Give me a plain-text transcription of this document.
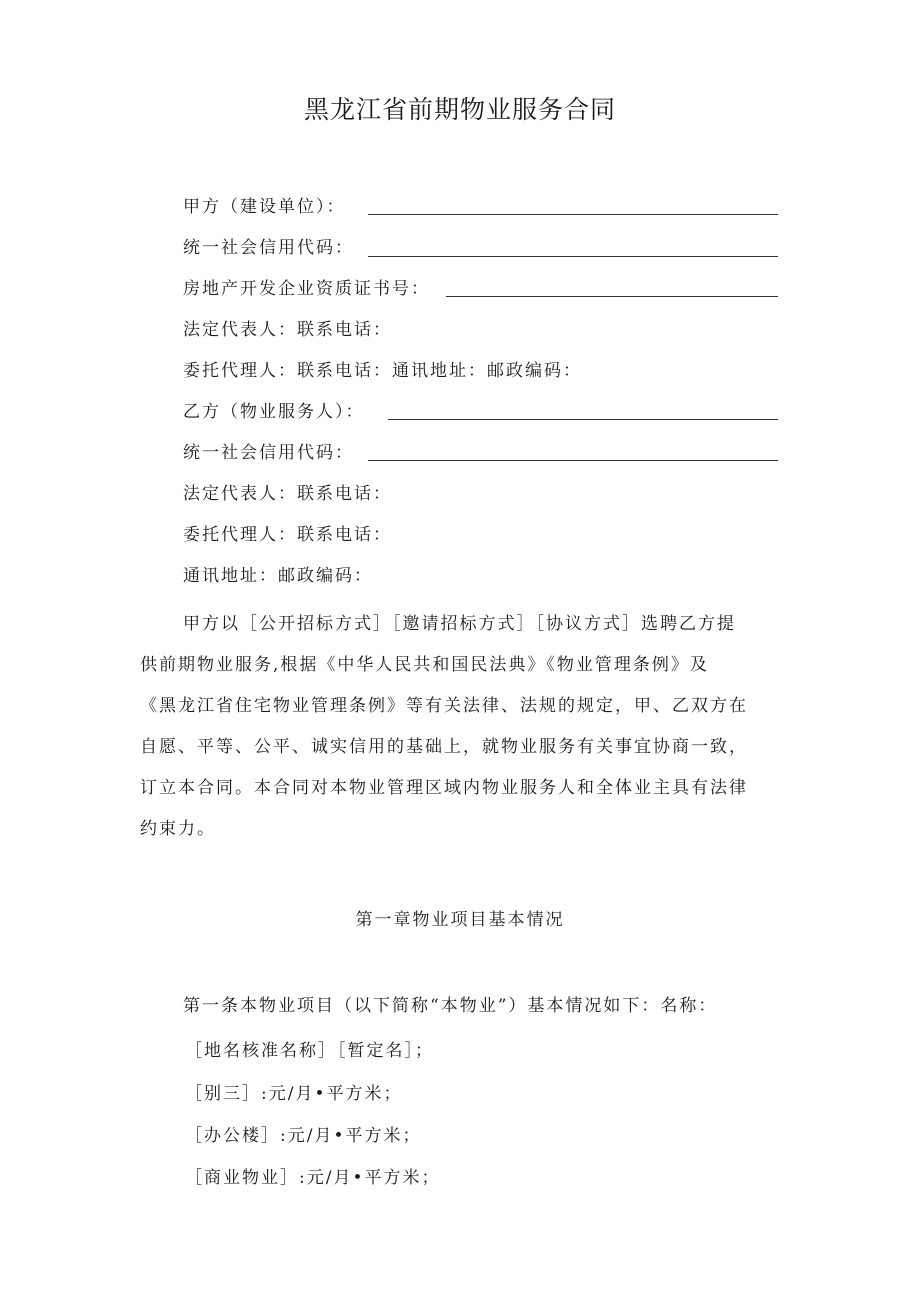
黑龙江省前期物业服务合同
甲方（建设单位）：
统一社会信用代码：
房地产开发企业资质证书号：
法定代表人：联系电话：
委托代理人：联系电话：通讯地址：邮政编码：
乙方（物业服务人）：
统一社会信用代码：
法定代表人：联系电话：
委托代理人：联系电话：
通讯地址：邮政编码：
甲方以［公开招标方式］［邀请招标方式］［协议方式］选聘乙方提
供前期物业服务,根据《中华人民共和国民法典》《物业管理条例》及
《黑龙江省住宅物业管理条例》等有关法律、法规的规定，甲、乙双方在
自愿、平等、公平、诚实信用的基础上，就物业服务有关事宜协商一致，
订立本合同。本合同对本物业管理区域内物业服务人和全体业主具有法律
约束力。
第一章物业项目基本情况
第一条本物业项目（以下简称“本物业”）基本情况如下：名称：
［地名核准名称］［暂定名］；
［别三］:元/月•平方米；
［办公楼］:元/月•平方米；
［商业物业］:元/月•平方米；
